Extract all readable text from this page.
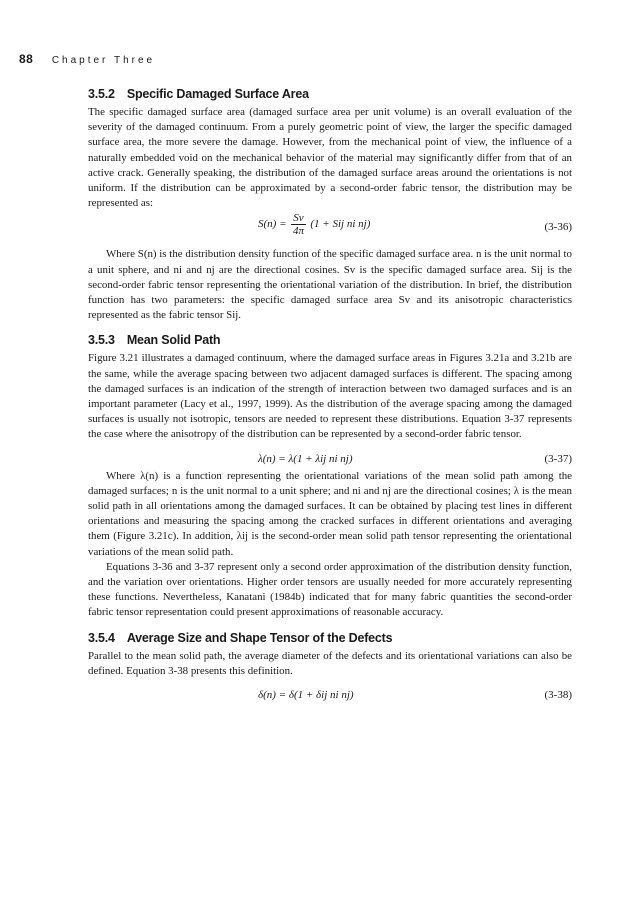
88 Chapter Three
3.5.2 Specific Damaged Surface Area

The specific damaged surface area (damaged surface area per unit volume) is an overall evaluation of the severity of the damaged continuum. From a purely geometric point of view, the larger the specific damaged surface area, the more severe the damage. However, from the mechanical point of view, the influence of a naturally embedded void on the mechanical behavior of the material may significantly differ from that of an active crack. Generally speaking, the distribution of the damaged surface areas around the orientations is not uniform. If the distribution can be approximated by a second-order fabric tensor, the distribution may be represented as:

$S(n) = \frac{Sv}{4\pi} (1$ + Sij ni nj)	(3-36)

Where S(n) is the distribution density function of the specific damaged surface area. n is the unit normal to a unit sphere, and ni and nj are the directional cosines. Sv is the specific damaged surface area. Sij is the second-order fabric tensor representing the orientational variation of the distribution. In brief, the distribution function has two parameters: the specific damaged surface area Sv and its anisotropic characteristics represented as the fabric tensor Sij.

3.5.3 Mean Solid Path

Figure 3.21 illustrates a damaged continuum, where the damaged surface areas in Figures 3.21a and 3.21b are the same, while the average spacing between two adjacent damaged surfaces is different. The spacing among the damaged surfaces is an indication of the strength of interaction between two damaged surfaces and is an important parameter (Lacy et al., 1997, 1999). As the distribution of the average spacing among the damaged surfaces is usually not isotropic, tensors are needed to represent these distributions. Equation 3-37 represents the case where the anisotropy of the distribution can be represented by a second-order fabric tensor.

λ(n) = λ(1 + λij ni nj)	(3-37)

Where λ(n) is a function representing the orientational variations of the mean solid path among the damaged surfaces; n is the unit normal to a unit sphere; and ni and nj are the directional cosines; λ is the mean solid path in all orientations among the damaged surfaces. It can be obtained by placing test lines in different orientations and measuring the spacing among the cracked surfaces in different orientations and averaging them (Figure 3.21c). In addition, λij is the second-order mean solid path tensor representing the orientational variations of the mean solid path.

Equations 3-36 and 3-37 represent only a second order approximation of the distribution density function, and the variation over orientations. Higher order tensors are usually needed for more accurately representing these functions. Nevertheless, Kanatani (1984b) indicated that for many fabric quantities the second-order fabric tensor representation could present approximations of reasonable accuracy.

3.5.4 Average Size and Shape Tensor of the Defects

Parallel to the mean solid path, the average diameter of the defects and its orientational variations can also be defined. Equation 3-38 presents this definition.

δ(n) = δ(1 + δij ni nj)	(3-38)
